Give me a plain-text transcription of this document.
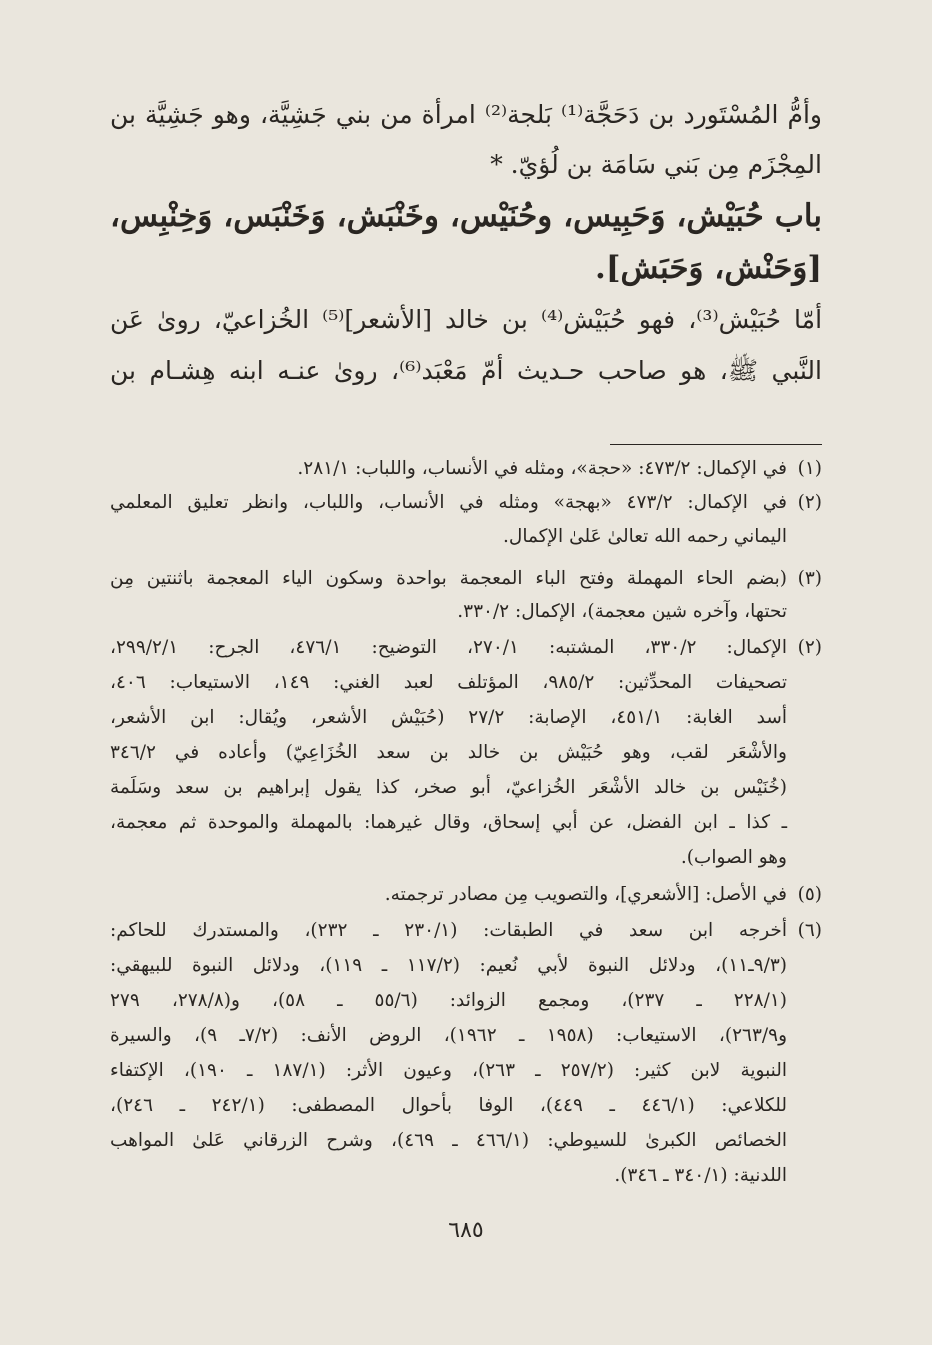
وأمُّ المُسْتَورد بن دَحَجَّة⁽¹⁾ بَلجة⁽²⁾ امرأة من بني جَشِيَّة، وهو جَشِيَّة بن
المِجْزَم مِن بَني سَامَة بن لُؤيّ. *
باب حُبَيْش، وَحَبِيس، وحُنَيْس، وخَنْبَش، وَخَنْبَس، وَخِنْبِس،
[وَحَنْش، وَحَبَش].
أمّا حُبَيْش⁽³⁾، فهو حُبَيْش⁽⁴⁾ بن خالد [الأشعر]⁽⁵⁾ الخُزاعيّ، روىٰ عَن
النَّبي ﷺ، هو صاحب حـديث أمّ مَعْبَد⁽⁶⁾، روىٰ عنـه ابنه هِشـام بن
(١)
في الإكمال: ٤٧٣/٢: «حجة»، ومثله في الأنساب، واللباب: ٢٨١/١.
(٢)
في الإكمال: ٤٧٣/٢ «بهجة» ومثله في الأنساب، واللباب، وانظر تعليق المعلمي
اليماني رحمه الله تعالىٰ عَلىٰ الإكمال.
(٣)
(بضم الحاء المهملة وفتح الباء المعجمة بواحدة وسكون الياء المعجمة باثنتين مِن
تحتها، وآخره شين معجمة)، الإكمال: ٣٣٠/٢.
(٢)
الإكمال: ٣٣٠/٢، المشتبه: ٢٧٠/١، التوضيح: ٤٧٦/١، الجرح: ٢٩٩/٢/١،
تصحيفات المحدِّثين: ٩٨٥/٢، المؤتلف لعبد الغني: ١٤٩، الاستيعاب: ٤٠٦،
أسد الغابة: ٤٥١/١، الإصابة: ٢٧/٢ (حُبَيْش الأشعر، ويُقال: ابن الأشعر،
والأشْعَر لقب، وهو حُبَيْش بن خالد بن سعد الخُزَاعِيّ) وأعاده في ٣٤٦/٢
(خُنَيْس بن خالد الأشْعَر الخُزاعيّ، أبو صخر، كذا يقول إبراهيم بن سعد وسَلَمة
ـ كذا ـ ابن الفضل، عن أبي إسحاق، وقال غيرهما: بالمهملة والموحدة ثم معجمة،
وهو الصواب).
(٥)
في الأصل: [الأشعري]، والتصويب مِن مصادر ترجمته.
(٦)
أخرجه ابن سعد في الطبقات: (٢٣٠/١ ـ ٢٣٢)، والمستدرك للحاكم:
(٩/٣ـ١١)، ودلائل النبوة لأبي نُعيم: (١١٧/٢ ـ ١١٩)، ودلائل النبوة للبيهقي:
(٢٢٨/١ ـ ٢٣٧)، ومجمع الزوائد: (٥٥/٦ ـ ٥٨)، و(٢٧٨/٨، ٢٧٩
و٢٦٣/٩)، الاستيعاب: (١٩٥٨ ـ ١٩٦٢)، الروض الأنف: (٧/٢ـ ٩)، والسيرة
النبوية لابن كثير: (٢٥٧/٢ ـ ٢٦٣)، وعيون الأثر: (١٨٧/١ ـ ١٩٠)، الإكتفاء
للكلاعي: (٤٤٦/١ ـ ٤٤٩)، الوفا بأحوال المصطفى: (٢٤٢/١ ـ ٢٤٦)،
الخصائص الكبرىٰ للسيوطي: (٤٦٦/١ ـ ٤٦٩)، وشرح الزرقاني عَلىٰ المواهب
اللدنية: (٣٤٠/١ ـ ٣٤٦).
٦٨٥
